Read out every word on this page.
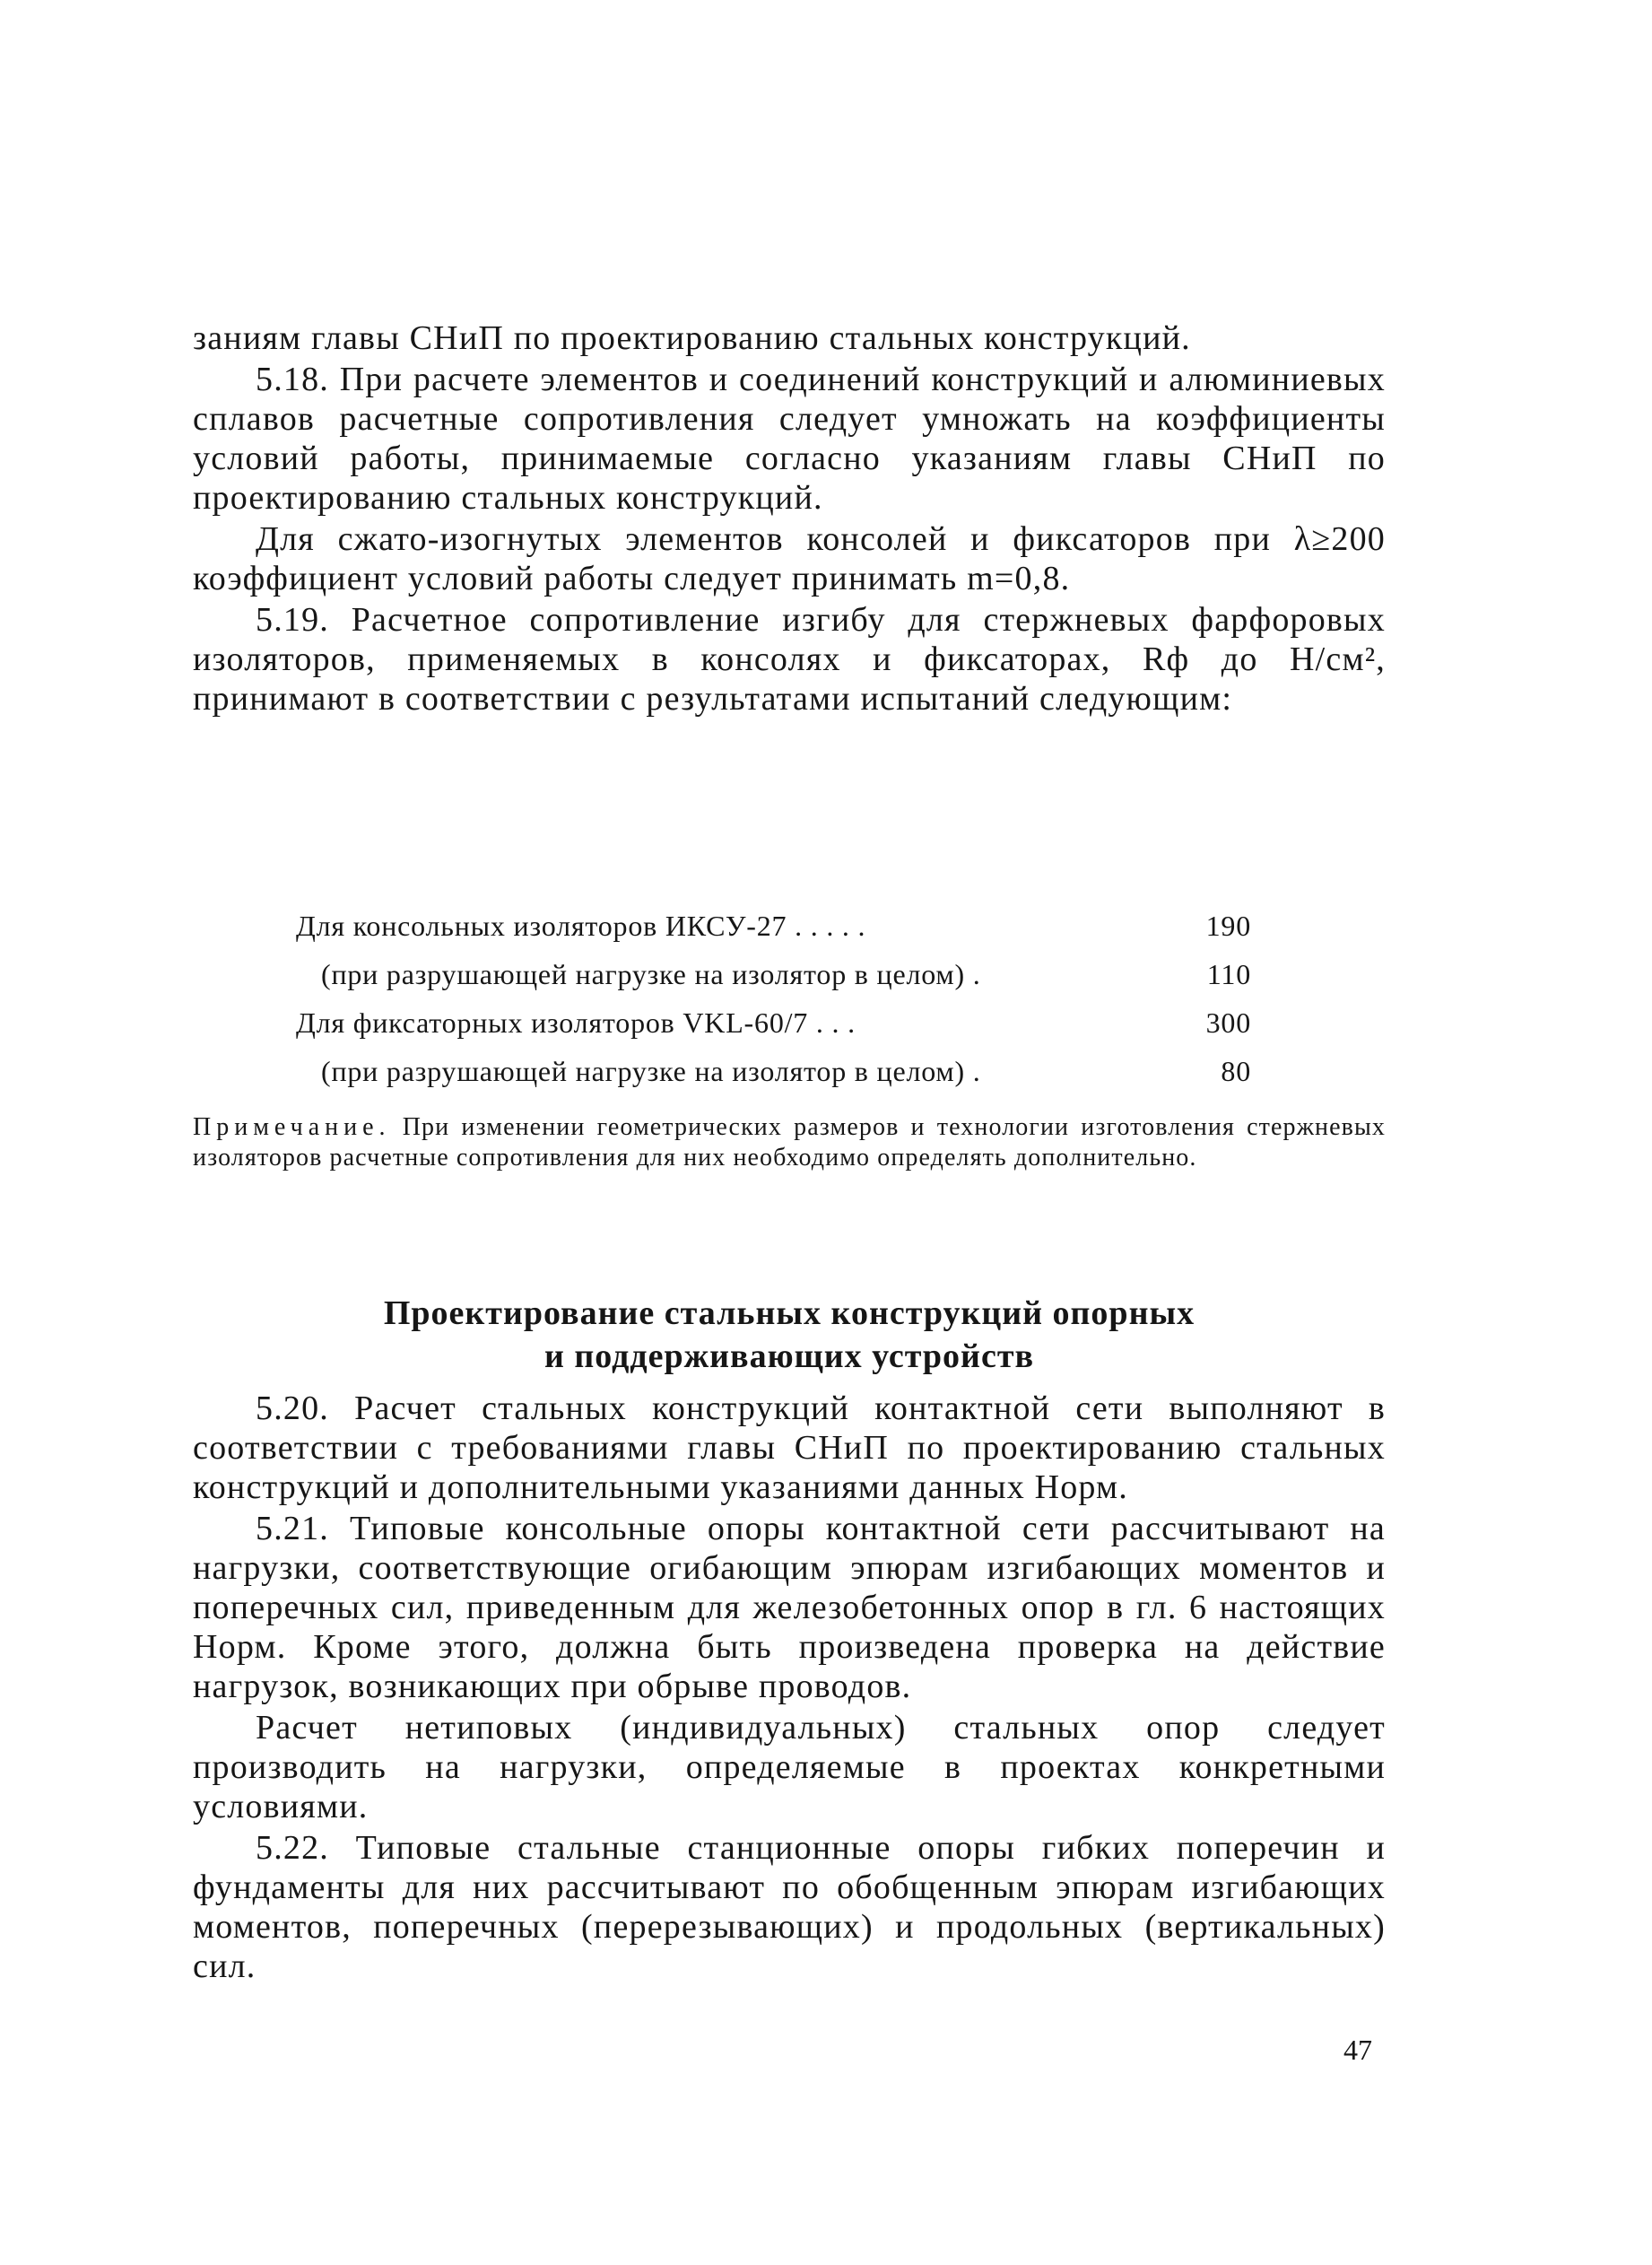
заниям главы СНиП по проектированию стальных конструкций.

5.18. При расчете элементов и соединений конструкций и алюминиевых сплавов расчетные сопротивления следует умножать на коэффициенты условий работы, принимаемые согласно указаниям главы СНиП по проектированию стальных конструкций.

Для сжато-изогнутых элементов консолей и фиксаторов при λ≥200 коэффициент условий работы следует принимать m=0,8.

5.19. Расчетное сопротивление изгибу для стержневых фарфоровых изоляторов, применяемых в консолях и фиксаторах, Rф до Н/см², принимают в соответствии с результатами испытаний следующим:

Для консольных изоляторов ИКСУ-27 . . . . .	190
(при разрушающей нагрузке на изолятор в целом) .	110
Для фиксаторных изоляторов VKL-60/7 . . .	300
(при разрушающей нагрузке на изолятор в целом) .	80

Примечание. При изменении геометрических размеров и технологии изготовления стержневых изоляторов расчетные сопротивления для них необходимо определять дополнительно.

Проектирование стальных конструкций опорных
и поддерживающих устройств

5.20. Расчет стальных конструкций контактной сети выполняют в соответствии с требованиями главы СНиП по проектированию стальных конструкций и дополнительными указаниями данных Норм.

5.21. Типовые консольные опоры контактной сети рассчитывают на нагрузки, соответствующие огибающим эпюрам изгибающих моментов и поперечных сил, приведенным для железобетонных опор в гл. 6 настоящих Норм. Кроме этого, должна быть произведена проверка на действие нагрузок, возникающих при обрыве проводов.

Расчет нетиповых (индивидуальных) стальных опор следует производить на нагрузки, определяемые в проектах конкретными условиями.

5.22. Типовые стальные станционные опоры гибких поперечин и фундаменты для них рассчитывают по обобщенным эпюрам изгибающих моментов, поперечных (перерезывающих) и продольных (вертикальных) сил.

47
